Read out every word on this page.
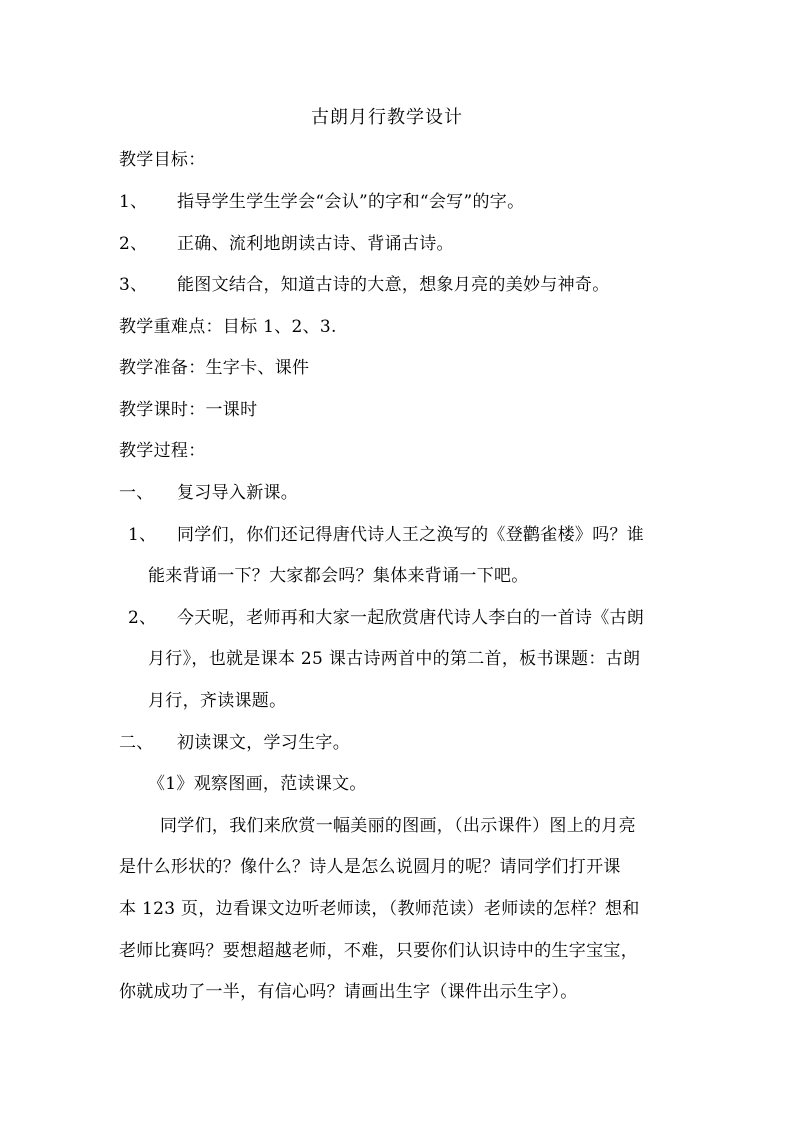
古朗月行教学设计
教学目标：
1、 指导学生学生学会“会认”的字和“会写”的字。
2、 正确、流利地朗读古诗、背诵古诗。
3、 能图文结合，知道古诗的大意，想象月亮的美妙与神奇。
教学重难点：目标 1、2、3.
教学准备：生字卡、课件
教学课时：一课时
教学过程：
一、 复习导入新课。
1、 同学们，你们还记得唐代诗人王之涣写的《登鹳雀楼》吗？谁
能来背诵一下？大家都会吗？集体来背诵一下吧。
2、 今天呢，老师再和大家一起欣赏唐代诗人李白的一首诗《古朗
月行》，也就是课本 25 课古诗两首中的第二首，板书课题：古朗
月行，齐读课题。
二、 初读课文，学习生字。
《1》观察图画，范读课文。
同学们，我们来欣赏一幅美丽的图画，（出示课件）图上的月亮
是什么形状的？像什么？诗人是怎么说圆月的呢？请同学们打开课
本 123 页，边看课文边听老师读，（教师范读）老师读的怎样？想和
老师比赛吗？要想超越老师，不难，只要你们认识诗中的生字宝宝，
你就成功了一半，有信心吗？请画出生字（课件出示生字）。
